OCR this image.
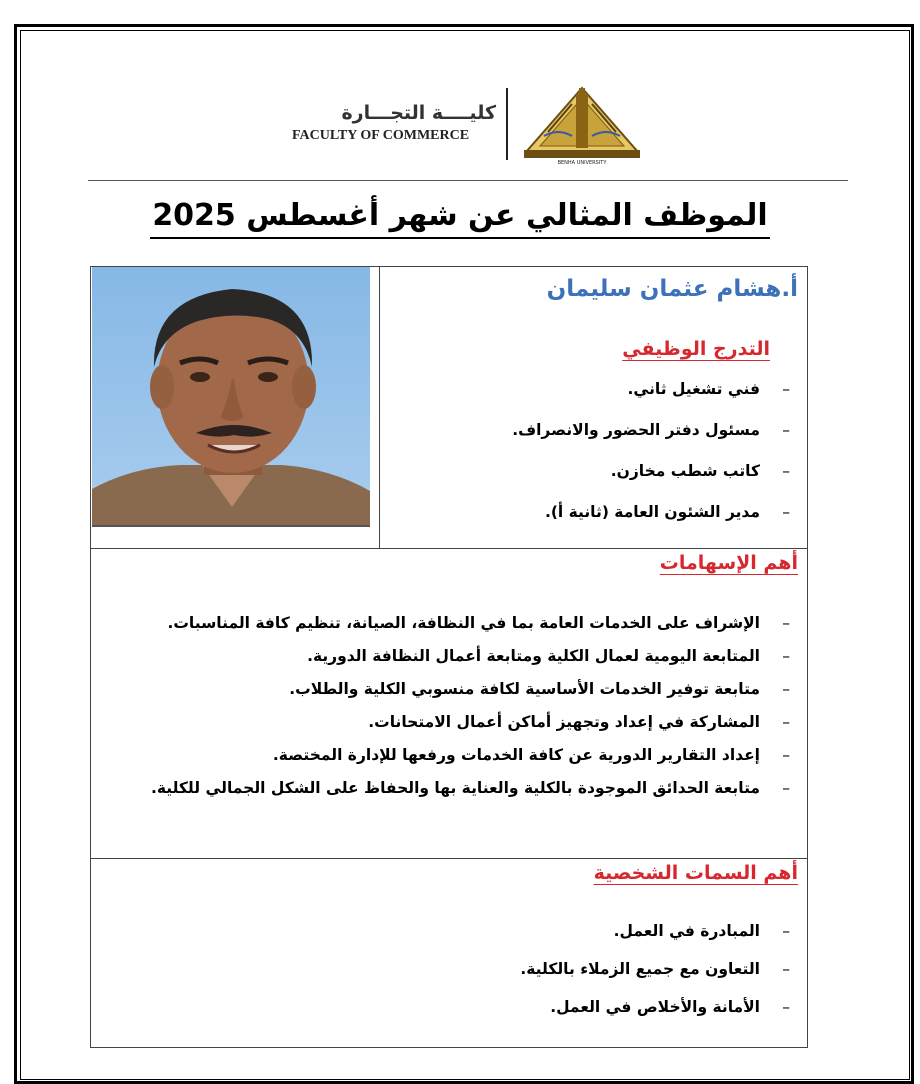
كليــــة التجـــارة
FACULTY OF COMMERCE
BENHA UNIVERSITY
الموظف المثالي عن شهر أغسطس 2025
أ.هشام عثمان سليمان
التدرج الوظيفي
– فني تشغيل ثاني.
– مسئول دفتر الحضور والانصراف.
– كاتب شطب مخازن.
– مدير الشئون العامة (ثانية أ).
أهم الإسهامات
– الإشراف على الخدمات العامة بما في النظافة، الصيانة، تنظيم كافة المناسبات.
– المتابعة اليومية لعمال الكلية ومتابعة أعمال النظافة الدورية.
– متابعة توفير الخدمات الأساسية لكافة منسوبي الكلية والطلاب.
– المشاركة في إعداد وتجهيز أماكن أعمال الامتحانات.
– إعداد التقارير الدورية عن كافة الخدمات ورفعها للإدارة المختصة.
– متابعة الحدائق الموجودة بالكلية والعناية بها والحفاظ على الشكل الجمالي للكلية.
أهم السمات الشخصية
– المبادرة في العمل.
– التعاون مع جميع الزملاء بالكلية.
– الأمانة والأخلاص في العمل.
